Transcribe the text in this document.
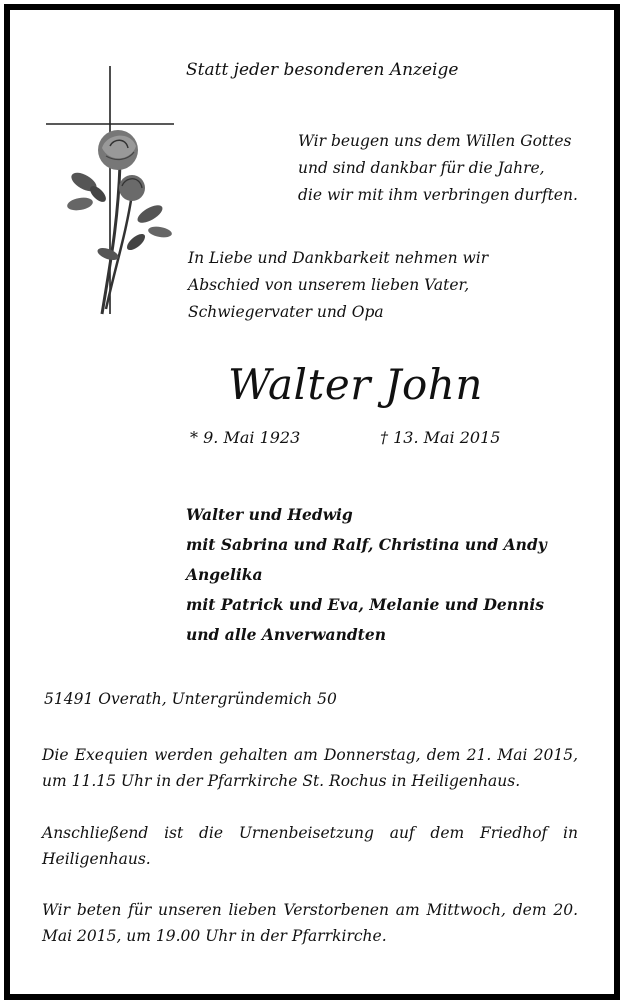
Statt jeder besonderen Anzeige
Wir beugen uns dem Willen Gottes
und sind dankbar für die Jahre,
die wir mit ihm verbringen durften.
In Liebe und Dankbarkeit nehmen wir
Abschied von unserem lieben Vater,
Schwiegervater und Opa
Walter John
* 9. Mai 1923	† 13. Mai 2015
Walter und Hedwig
mit Sabrina und Ralf, Christina und Andy
Angelika
mit Patrick und Eva, Melanie und Dennis
und alle Anverwandten
51491 Overath, Untergründemich 50
Die Exequien werden gehalten am Donnerstag, dem 21. Mai 2015, um 11.15 Uhr in der Pfarrkirche St. Rochus in Heiligenhaus.
Anschließend ist die Urnenbeisetzung auf dem Friedhof in Heiligenhaus.
Wir beten für unseren lieben Verstorbenen am Mittwoch, dem 20. Mai 2015, um 19.00 Uhr in der Pfarrkirche.
